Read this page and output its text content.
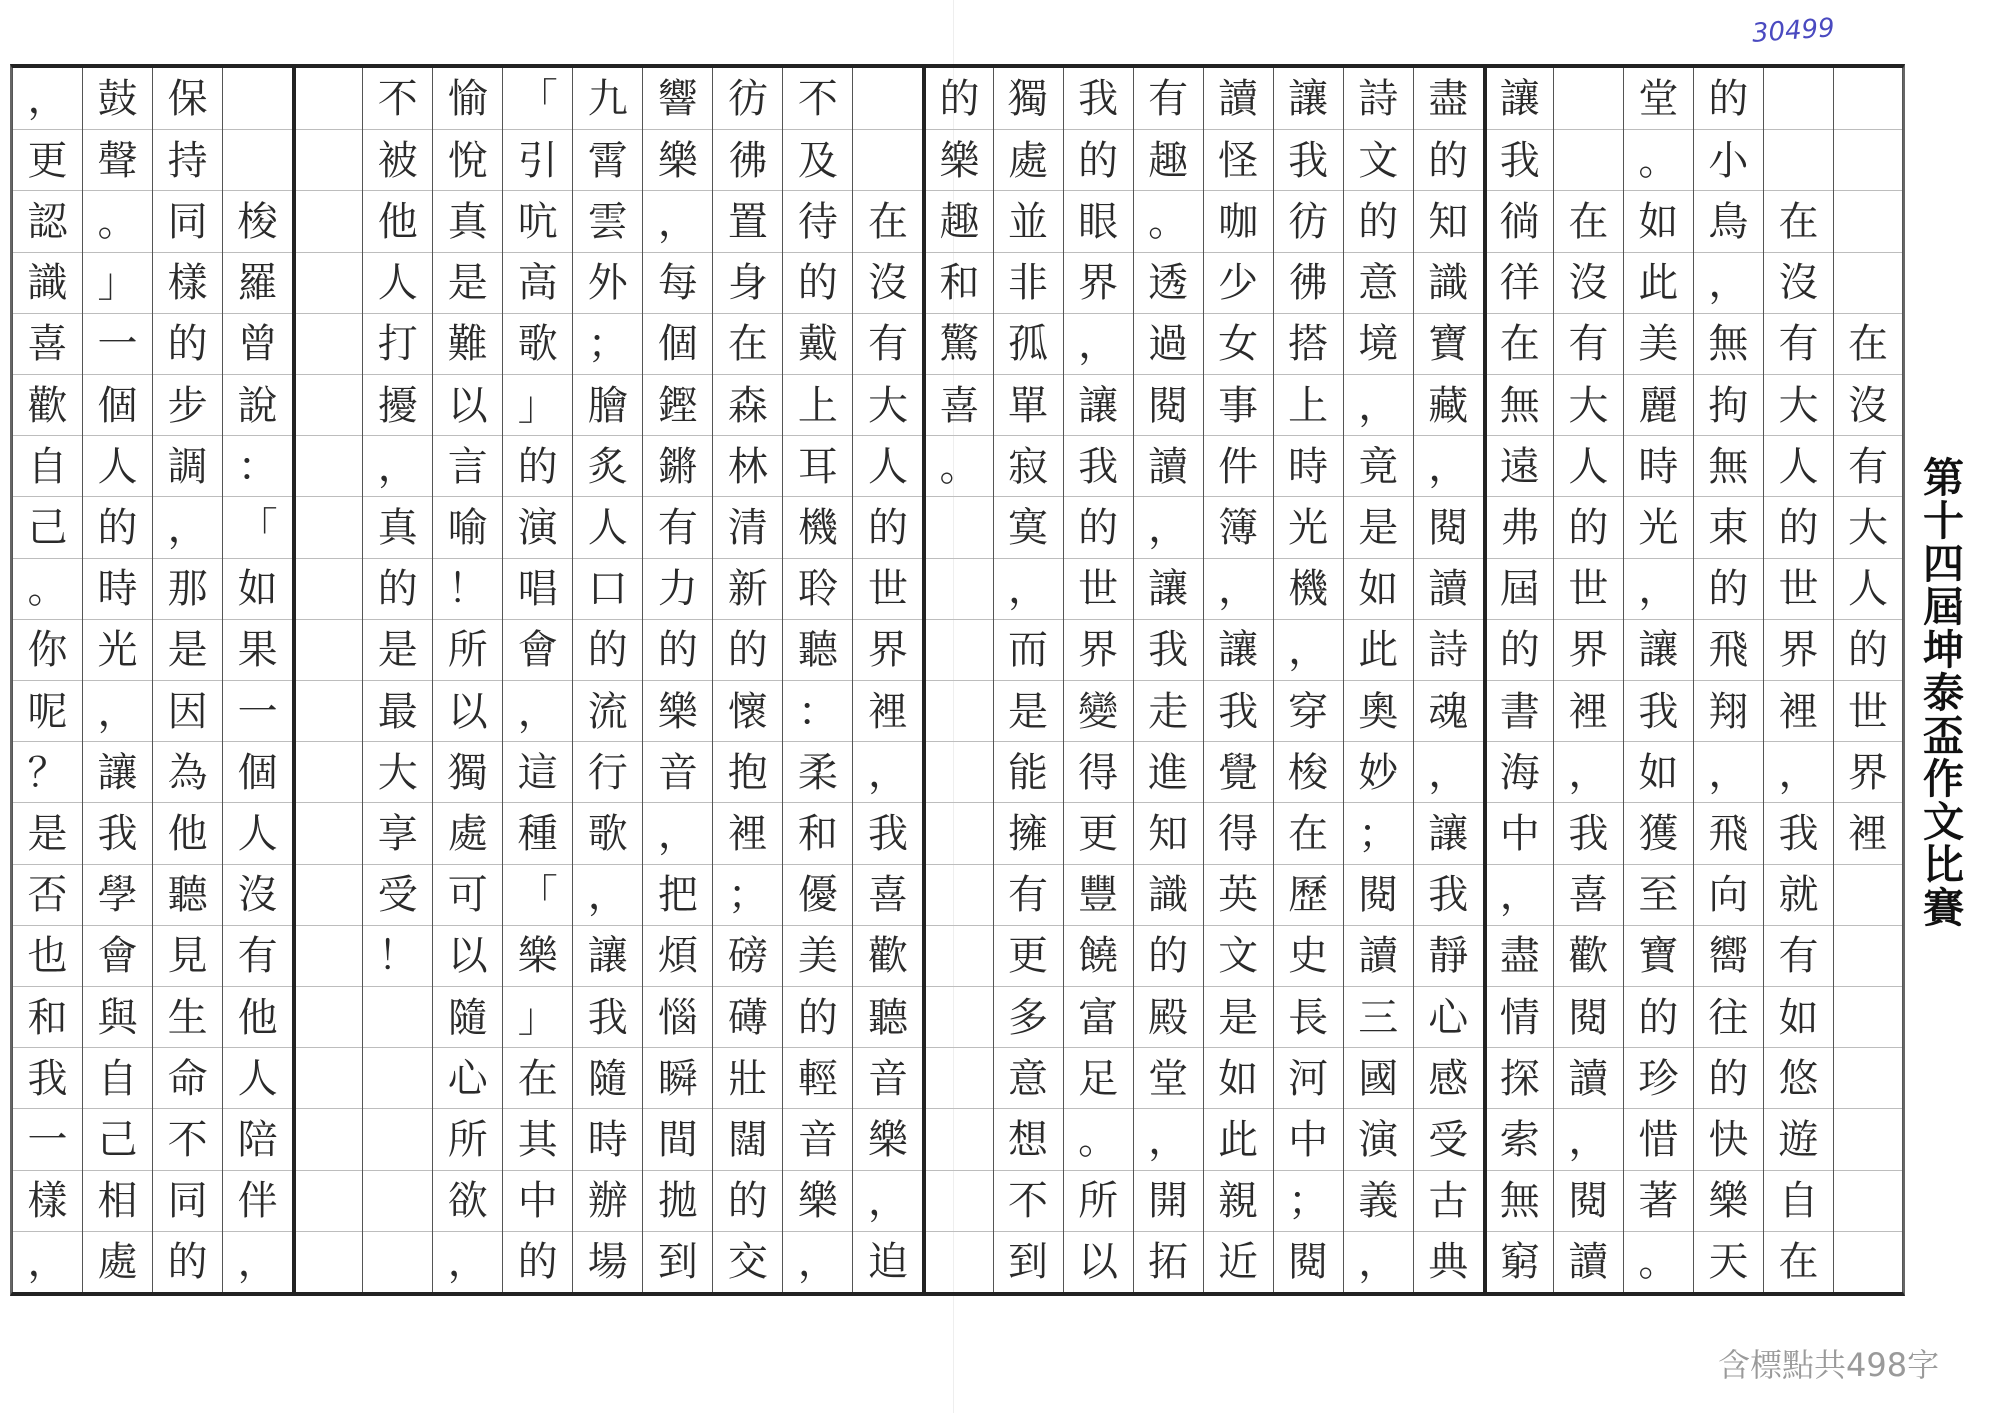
30499
在
沒
有
大
人
的
世
界
裡
在
沒
有
大
人
的
世
界
裡
，
我
就
有
如
悠
遊
自
在
的
小
鳥
，
無
拘
無
束
的
飛
翔
，
飛
向
嚮
往
的
快
樂
天
堂
。
如
此
美
麗
時
光
，
讓
我
如
獲
至
寶
的
珍
惜
著
。
在
沒
有
大
人
的
世
界
裡
，
我
喜
歡
閱
讀
，
閱
讀
讓
我
徜
徉
在
無
遠
弗
屆
的
書
海
中
，
盡
情
探
索
無
窮
盡
的
知
識
寶
藏
，
閱
讀
詩
魂
，
讓
我
靜
心
感
受
古
典
詩
文
的
意
境
，
竟
是
如
此
奧
妙
；
閱
讀
三
國
演
義
，
讓
我
彷
彿
搭
上
時
光
機
，
穿
梭
在
歷
史
長
河
中
；
閱
讀
怪
咖
少
女
事
件
簿
，
讓
我
覺
得
英
文
是
如
此
親
近
有
趣
。
透
過
閱
讀
，
讓
我
走
進
知
識
的
殿
堂
，
開
拓
我
的
眼
界
，
讓
我
的
世
界
變
得
更
豐
饒
富
足
。
所
以
獨
處
並
非
孤
單
寂
寞
，
而
是
能
擁
有
更
多
意
想
不
到
的
樂
趣
和
驚
喜
。
在
沒
有
大
人
的
世
界
裡
，
我
喜
歡
聽
音
樂
，
迫
不
及
待
的
戴
上
耳
機
聆
聽
：
柔
和
優
美
的
輕
音
樂
，
彷
彿
置
身
在
森
林
清
新
的
懷
抱
裡
；
磅
礡
壯
闊
的
交
響
樂
，
每
個
鏗
鏘
有
力
的
樂
音
，
把
煩
惱
瞬
間
拋
到
九
霄
雲
外
；
膾
炙
人
口
的
流
行
歌
，
讓
我
隨
時
辦
場
「
引
吭
高
歌
」
的
演
唱
會
，
這
種
「
樂
」
在
其
中
的
愉
悅
真
是
難
以
言
喻
！
所
以
獨
處
可
以
隨
心
所
欲
，
不
被
他
人
打
擾
，
真
的
是
最
大
享
受
！
梭
羅
曾
說
：
「
如
果
一
個
人
沒
有
他
人
陪
伴
，
保
持
同
樣
的
步
調
，
那
是
因
為
他
聽
見
生
命
不
同
的
鼓
聲
。
」
一
個
人
的
時
光
，
讓
我
學
會
與
自
己
相
處
，
更
認
識
喜
歡
自
己
。
你
呢
？
是
否
也
和
我
一
樣
，
第十四屆坤泰盃作文比賽
含標點共498字
